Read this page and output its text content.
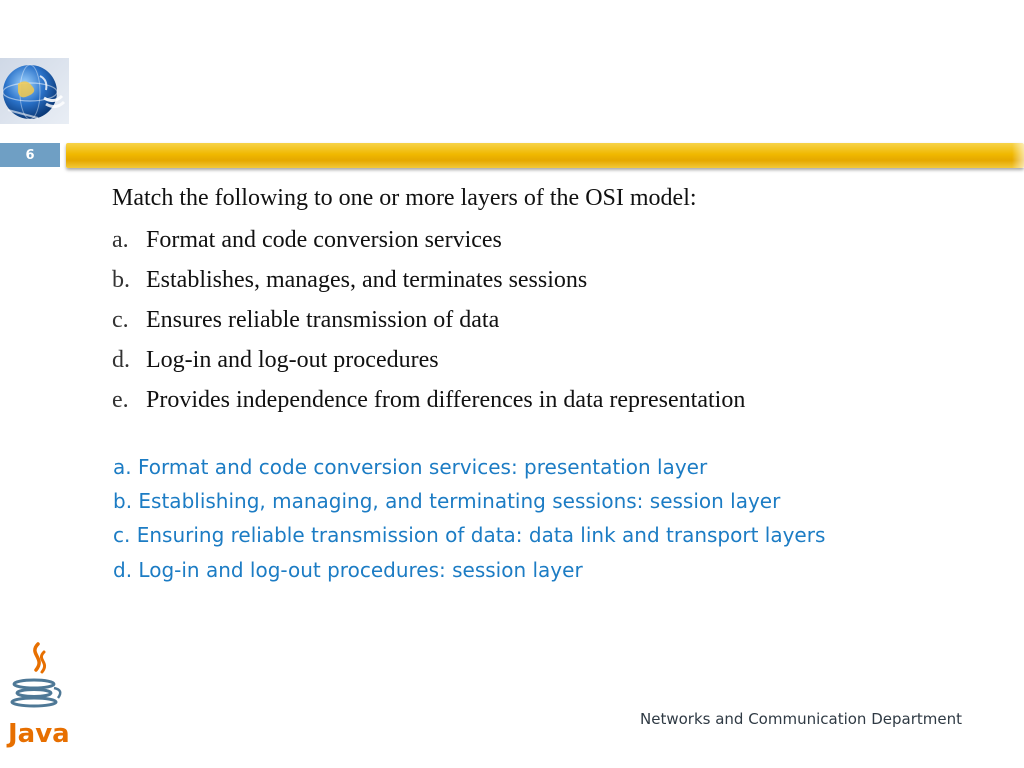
6
Match the following to one or more layers of the OSI model:
a. Format and code conversion services
b. Establishes, manages, and terminates sessions
c. Ensures reliable transmission of data
d. Log-in and log-out procedures
e. Provides independence from differences in data representation
a. Format and code conversion services: presentation layer
b. Establishing, managing, and terminating sessions: session layer
c. Ensuring reliable transmission of data: data link and transport layers
d. Log-in and log-out procedures: session layer
Java	Networks and Communication Department
